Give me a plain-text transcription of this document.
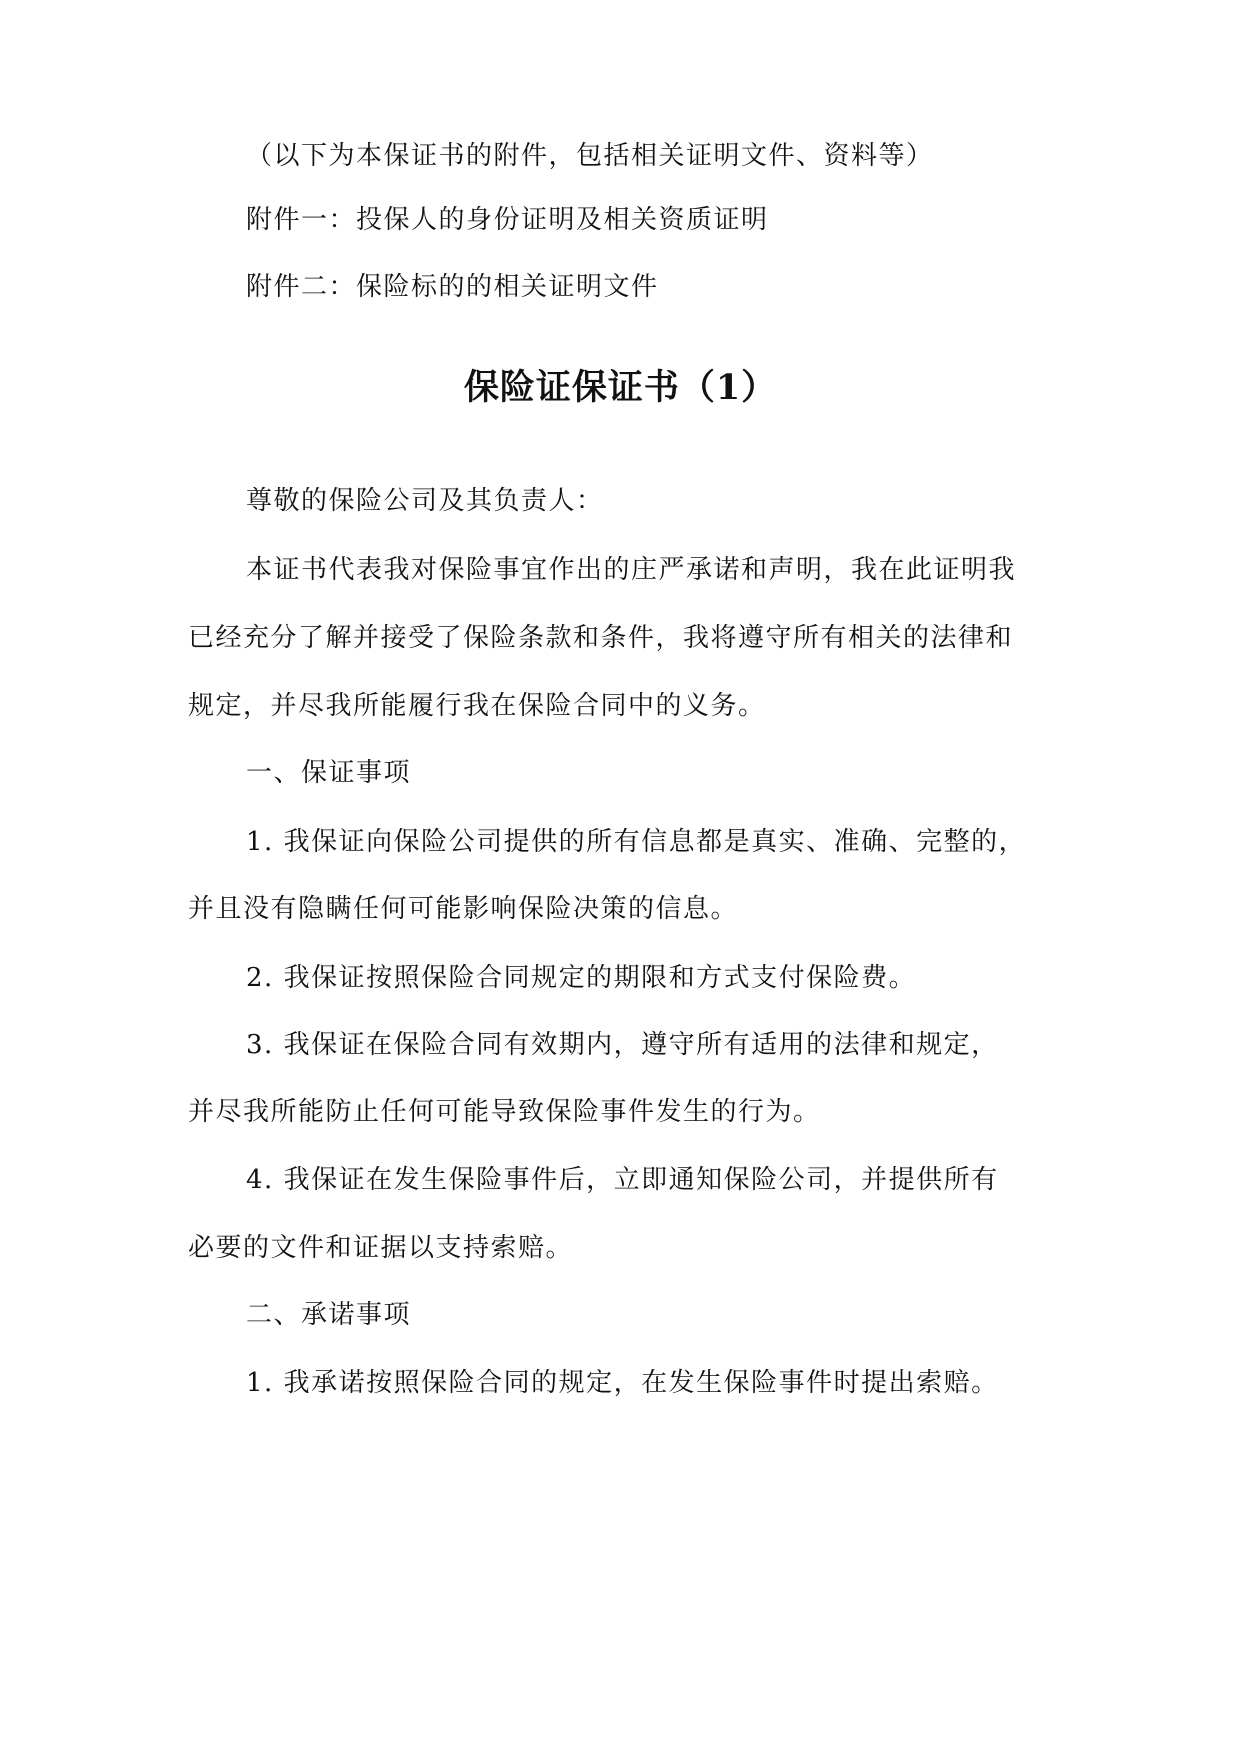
（以下为本保证书的附件，包括相关证明文件、资料等）
附件一：投保人的身份证明及相关资质证明
附件二：保险标的的相关证明文件
保险证保证书（1）
尊敬的保险公司及其负责人：
本证书代表我对保险事宜作出的庄严承诺和声明，我在此证明我
已经充分了解并接受了保险条款和条件，我将遵守所有相关的法律和
规定，并尽我所能履行我在保险合同中的义务。
一、保证事项
1. 我保证向保险公司提供的所有信息都是真实、准确、完整的，
并且没有隐瞒任何可能影响保险决策的信息。
2. 我保证按照保险合同规定的期限和方式支付保险费。
3. 我保证在保险合同有效期内，遵守所有适用的法律和规定，
并尽我所能防止任何可能导致保险事件发生的行为。
4. 我保证在发生保险事件后，立即通知保险公司，并提供所有
必要的文件和证据以支持索赔。
二、承诺事项
1. 我承诺按照保险合同的规定，在发生保险事件时提出索赔。
